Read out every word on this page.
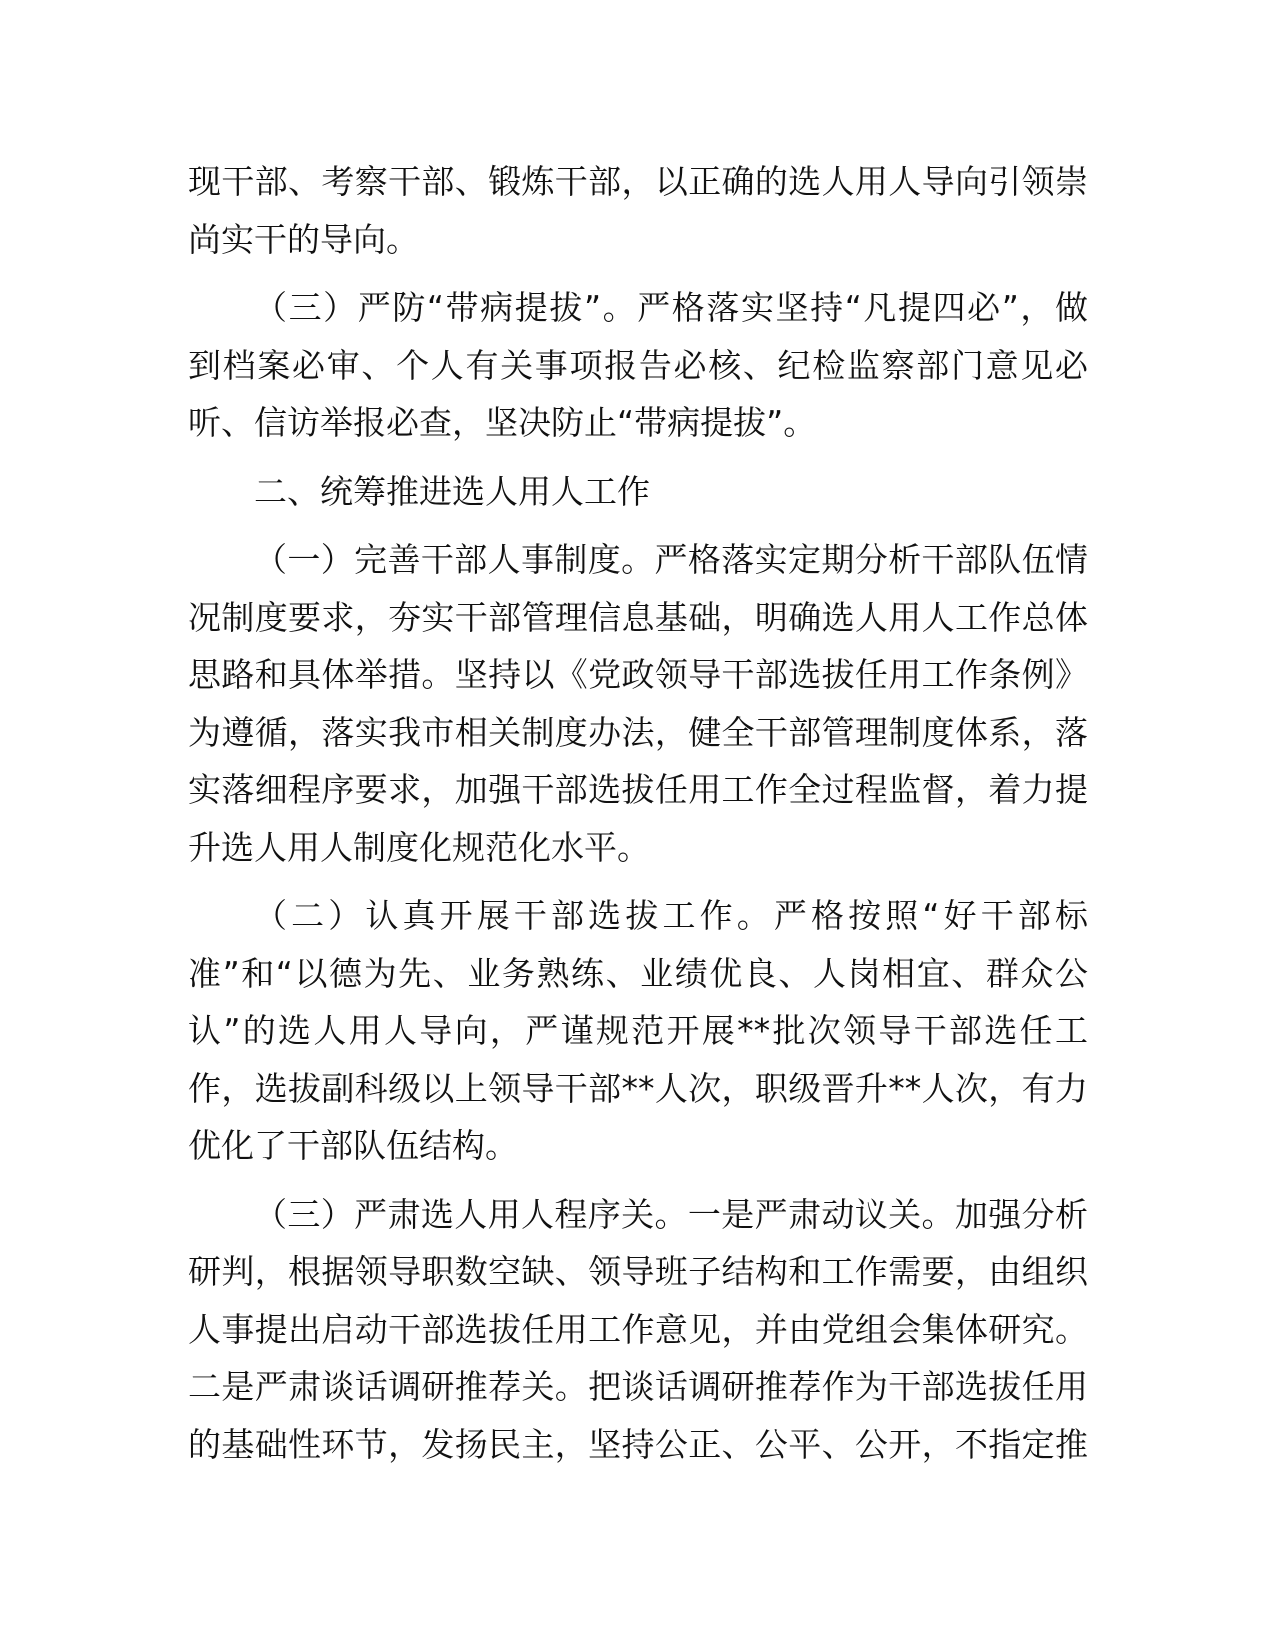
现干部、考察干部、锻炼干部，以正确的选人用人导向引领崇
尚实干的导向。
（三）严防“带病提拔”。严格落实坚持“凡提四必”，做
到档案必审、个人有关事项报告必核、纪检监察部门意见必
听、信访举报必查，坚决防止“带病提拔”。
二、统筹推进选人用人工作
（一）完善干部人事制度。严格落实定期分析干部队伍情
况制度要求，夯实干部管理信息基础，明确选人用人工作总体
思路和具体举措。坚持以《党政领导干部选拔任用工作条例》
为遵循，落实我市相关制度办法，健全干部管理制度体系，落
实落细程序要求，加强干部选拔任用工作全过程监督，着力提
升选人用人制度化规范化水平。
（二）认真开展干部选拔工作。严格按照“好干部标
准”和“以德为先、业务熟练、业绩优良、人岗相宜、群众公
认”的选人用人导向，严谨规范开展**批次领导干部选任工
作，选拔副科级以上领导干部**人次，职级晋升**人次，有力
优化了干部队伍结构。
（三）严肃选人用人程序关。一是严肃动议关。加强分析
研判，根据领导职数空缺、领导班子结构和工作需要，由组织
人事提出启动干部选拔任用工作意见，并由党组会集体研究。
二是严肃谈话调研推荐关。把谈话调研推荐作为干部选拔任用
的基础性环节，发扬民主，坚持公正、公平、公开，不指定推
